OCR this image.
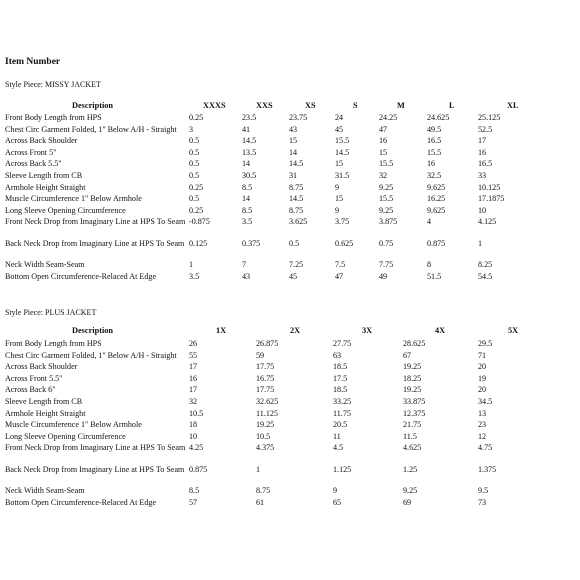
Item Number
Style Piece: MISSY JACKET
Description	XXXS	XXS	XS	S	M	L	XL
Front Body Length from HPS	0.25	23.5	23.75	24	24.25	24.625	25.125
Chest Circ Garment Folded, 1" Below A/H - Straight	3	41	43	45	47	49.5	52.5
Across Back Shoulder	0.5	14.5	15	15.5	16	16.5	17
Across Front 5"	0.5	13.5	14	14.5	15	15.5	16
Across Back 5.5"	0.5	14	14.5	15	15.5	16	16.5
Sleeve Length from CB	0.5	30.5	31	31.5	32	32.5	33
Armhole Height Straight	0.25	8.5	8.75	9	9.25	9.625	10.125
Muscle Circumference 1" Below Armhole	0.5	14	14.5	15	15.5	16.25	17.1875
Long Sleeve Opening Circumference	0.25	8.5	8.75	9	9.25	9.625	10
Front Neck Drop from Imaginary Line at HPS To Seam -0.875	3.5	3.625	3.75	3.875	4	4.125
Back Neck Drop from Imaginary Line at HPS To Seam 0.125	0.375	0.5	0.625	0.75	0.875	1
Neck Width Seam-Seam	1	7	7.25	7.5	7.75	8	8.25
Bottom Open Circumference-Relaced At Edge	3.5	43	45	47	49	51.5	54.5
Style Piece: PLUS JACKET
Description	1X	2X	3X	4X	5X
Front Body Length from HPS	26	26.875	27.75	28.625	29.5
Chest Circ Garment Folded, 1" Below A/H - Straight	55	59	63	67	71
Across Back Shoulder	17	17.75	18.5	19.25	20
Across Front 5.5"	16	16.75	17.5	18.25	19
Across Back 6"	17	17.75	18.5	19.25	20
Sleeve Length from CB	32	32.625	33.25	33.875	34.5
Armhole Height Straight	10.5	11.125	11.75	12.375	13
Muscle Circumference 1" Below Armhole	18	19.25	20.5	21.75	23
Long Sleeve Opening Circumference	10	10.5	11	11.5	12
Front Neck Drop from Imaginary Line at HPS To Seam 4.25	4.375	4.5	4.625	4.75
Back Neck Drop from Imaginary Line at HPS To Seam 0.875	1	1.125	1.25	1.375
Neck Width Seam-Seam	8.5	8.75	9	9.25	9.5
Bottom Open Circumference-Relaced At Edge	57	61	65	69	73
